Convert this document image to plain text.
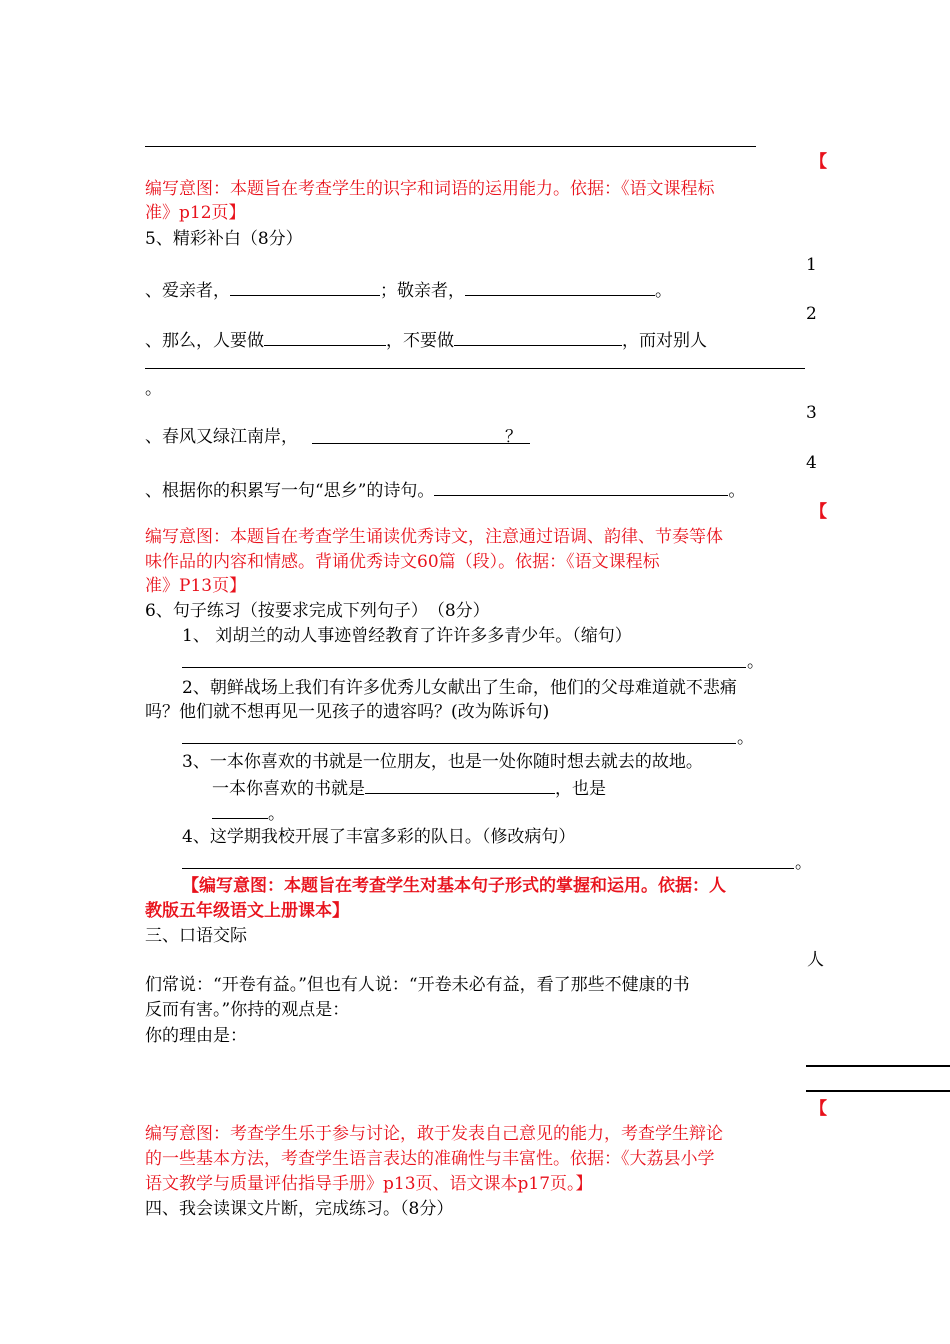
【
编写意图：本题旨在考查学生的识字和词语的运用能力。依据：《语文课程标
准》p12页】
5、精彩补白（8分）
1
、爱亲者，	；敬亲者，	。
2
、那么，人要做	，不要做	，而对别人
。
3
、春风又绿江南岸，	？
4
、根据你的积累写一句“思乡”的诗句。	。
【
编写意图：本题旨在考查学生诵读优秀诗文，注意通过语调、韵律、节奏等体
味作品的内容和情感。背诵优秀诗文60篇（段）。依据：《语文课程标
准》P13页】
6、句子练习（按要求完成下列句子）　（8分）
1、 刘胡兰的动人事迹曾经教育了许许多多青少年。（缩句）
。
2、朝鲜战场上我们有许多优秀儿女献出了生命，他们的父母难道就不悲痛
吗？他们就不想再见一见孩子的遗容吗？(改为陈诉句)
。
3、一本你喜欢的书就是一位朋友，也是一处你随时想去就去的故地。
一本你喜欢的书就是	，也是
。
4、这学期我校开展了丰富多彩的队日。（修改病句）
。
【编写意图：本题旨在考查学生对基本句子形式的掌握和运用。依据：人
教版五年级语文上册课本】
三、口语交际
人
们常说：“开卷有益。”但也有人说：“开卷未必有益，看了那些不健康的书
反而有害。”你持的观点是：
你的理由是：
【
编写意图：考查学生乐于参与讨论，敢于发表自己意见的能力，考查学生辩论
的一些基本方法，考查学生语言表达的准确性与丰富性。依据：《大荔县小学
语文教学与质量评估指导手册》p13页、语文课本p17页。】
四、我会读课文片断，完成练习。（8分）
